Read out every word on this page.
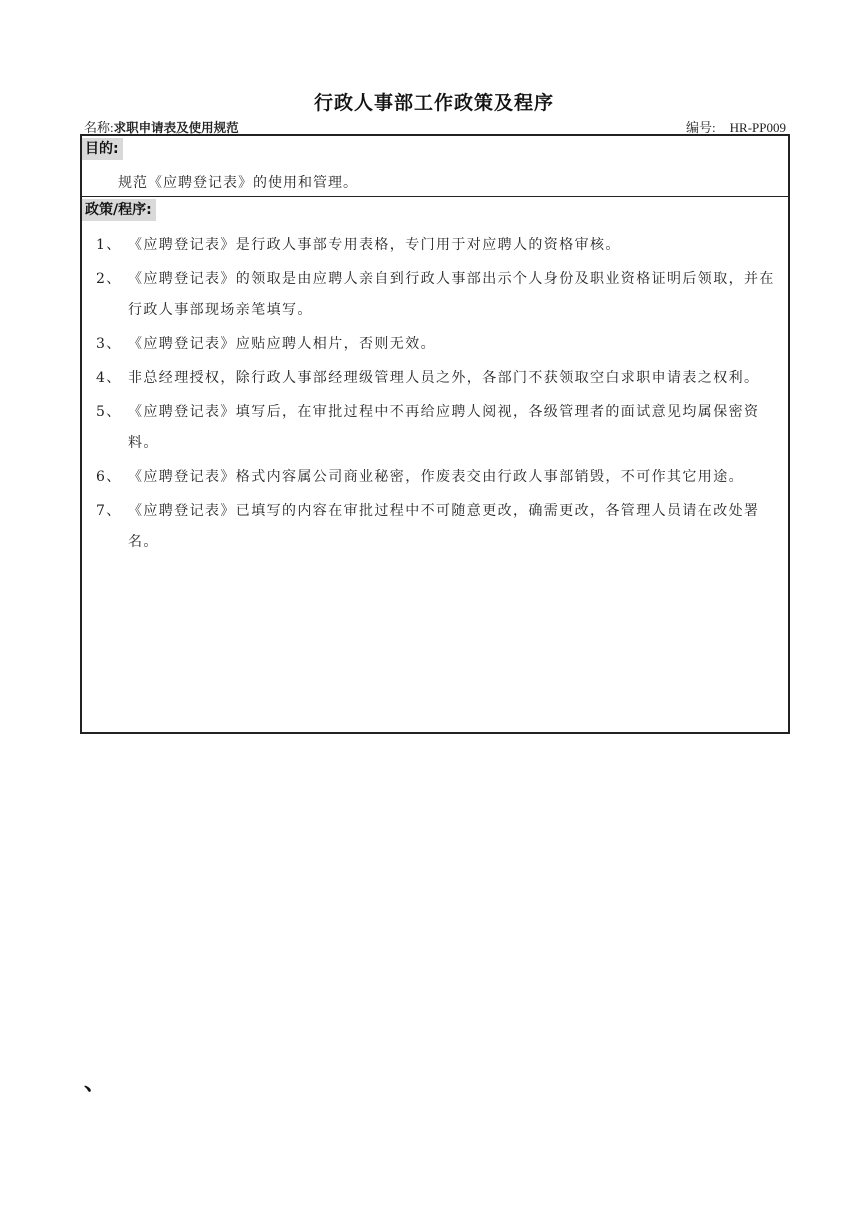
行政人事部工作政策及程序
名称:求职申请表及使用规范	编号: HR-PP009
目的:
规范《应聘登记表》的使用和管理。
政策/程序:
1、 《应聘登记表》是行政人事部专用表格，专门用于对应聘人的资格审核。
2、 《应聘登记表》的领取是由应聘人亲自到行政人事部出示个人身份及职业资格证明后领取，并在行政人事部现场亲笔填写。
3、 《应聘登记表》应贴应聘人相片，否则无效。
4、 非总经理授权，除行政人事部经理级管理人员之外，各部门不获领取空白求职申请表之权利。
5、 《应聘登记表》填写后，在审批过程中不再给应聘人阅视，各级管理者的面试意见均属保密资料。
6、 《应聘登记表》格式内容属公司商业秘密，作废表交由行政人事部销毁，不可作其它用途。
7、 《应聘登记表》已填写的内容在审批过程中不可随意更改，确需更改，各管理人员请在改处署名。
、
